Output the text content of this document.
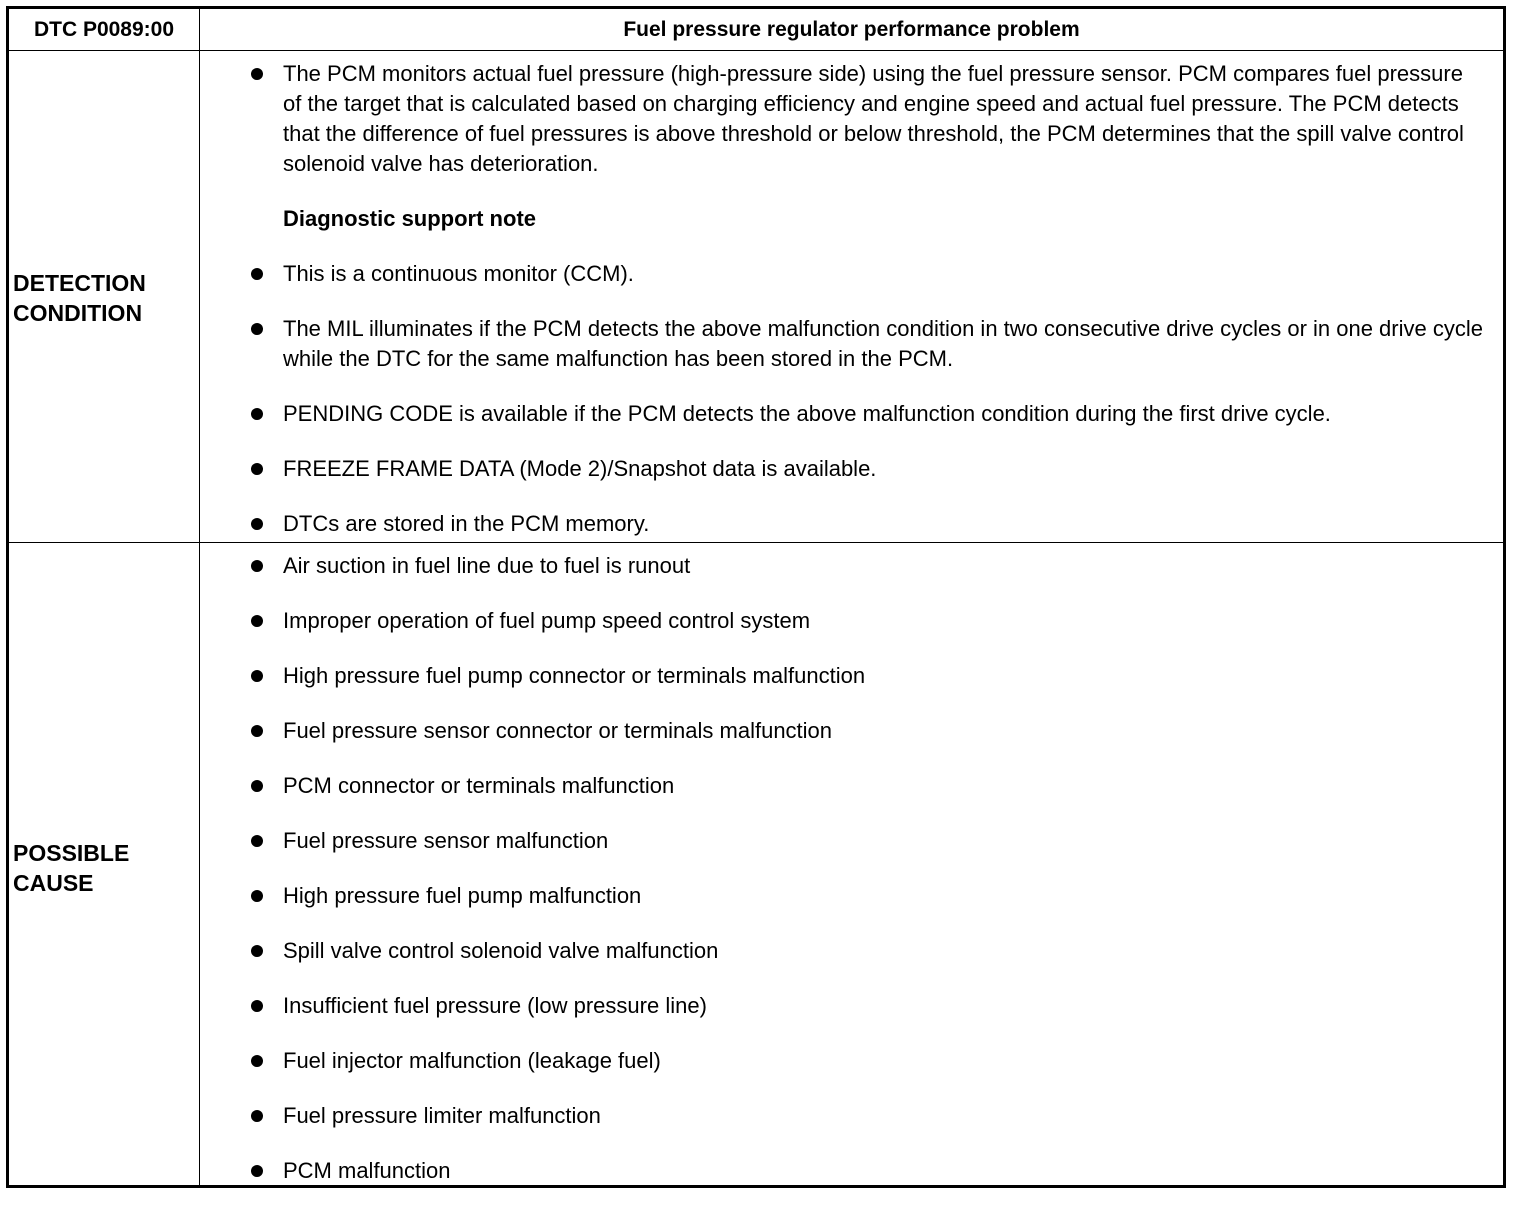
DTC P0089:00	Fuel pressure regulator performance problem
DETECTION CONDITION

The PCM monitors actual fuel pressure (high-pressure side) using the fuel pressure sensor. PCM compares fuel pressure of the target that is calculated based on charging efficiency and engine speed and actual fuel pressure. The PCM detects that the difference of fuel pressures is above threshold or below threshold, the PCM determines that the spill valve control solenoid valve has deterioration.

Diagnostic support note

This is a continuous monitor (CCM).

The MIL illuminates if the PCM detects the above malfunction condition in two consecutive drive cycles or in one drive cycle while the DTC for the same malfunction has been stored in the PCM.

PENDING CODE is available if the PCM detects the above malfunction condition during the first drive cycle.

FREEZE FRAME DATA (Mode 2)/Snapshot data is available.

DTCs are stored in the PCM memory.

POSSIBLE CAUSE
Air suction in fuel line due to fuel is runout
Improper operation of fuel pump speed control system
High pressure fuel pump connector or terminals malfunction
Fuel pressure sensor connector or terminals malfunction
PCM connector or terminals malfunction
Fuel pressure sensor malfunction
High pressure fuel pump malfunction
Spill valve control solenoid valve malfunction
Insufficient fuel pressure (low pressure line)
Fuel injector malfunction (leakage fuel)
Fuel pressure limiter malfunction
PCM malfunction
